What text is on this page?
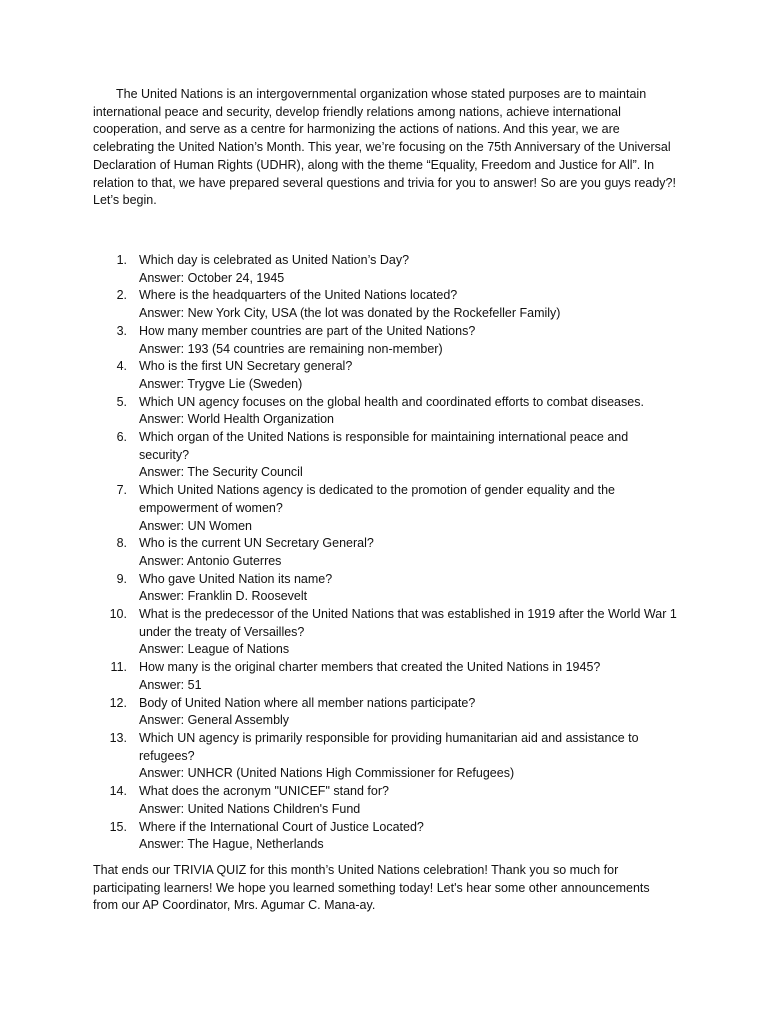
The United Nations is an intergovernmental organization whose stated purposes are to maintain international peace and security, develop friendly relations among nations, achieve international cooperation, and serve as a centre for harmonizing the actions of nations. And this year, we are celebrating the United Nation’s Month. This year, we’re focusing on the 75th Anniversary of the Universal Declaration of Human Rights (UDHR), along with the theme “Equality, Freedom and Justice for All”. In relation to that, we have prepared several questions and trivia for you to answer! So are you guys ready?! Let’s begin.

1. Which day is celebrated as United Nation’s Day?
Answer: October 24, 1945
2. Where is the headquarters of the United Nations located?
Answer: New York City, USA (the lot was donated by the Rockefeller Family)
3. How many member countries are part of the United Nations?
Answer: 193 (54 countries are remaining non-member)
4. Who is the first UN Secretary general?
Answer: Trygve Lie (Sweden)
5. Which UN agency focuses on the global health and coordinated efforts to combat diseases.
Answer: World Health Organization
6. Which organ of the United Nations is responsible for maintaining international peace and security?
Answer: The Security Council
7. Which United Nations agency is dedicated to the promotion of gender equality and the empowerment of women?
Answer: UN Women
8. Who is the current UN Secretary General?
Answer: Antonio Guterres
9. Who gave United Nation its name?
Answer: Franklin D. Roosevelt
10. What is the predecessor of the United Nations that was established in 1919 after the World War 1 under the treaty of Versailles?
Answer: League of Nations
11. How many is the original charter members that created the United Nations in 1945?
Answer: 51
12. Body of United Nation where all member nations participate?
Answer: General Assembly
13. Which UN agency is primarily responsible for providing humanitarian aid and assistance to refugees?
Answer: UNHCR (United Nations High Commissioner for Refugees)
14. What does the acronym "UNICEF" stand for?
Answer: United Nations Children's Fund
15. Where if the International Court of Justice Located?
Answer: The Hague, Netherlands

That ends our TRIVIA QUIZ for this month’s United Nations celebration! Thank you so much for participating learners! We hope you learned something today! Let's hear some other announcements from our AP Coordinator, Mrs. Agumar C. Mana-ay.
